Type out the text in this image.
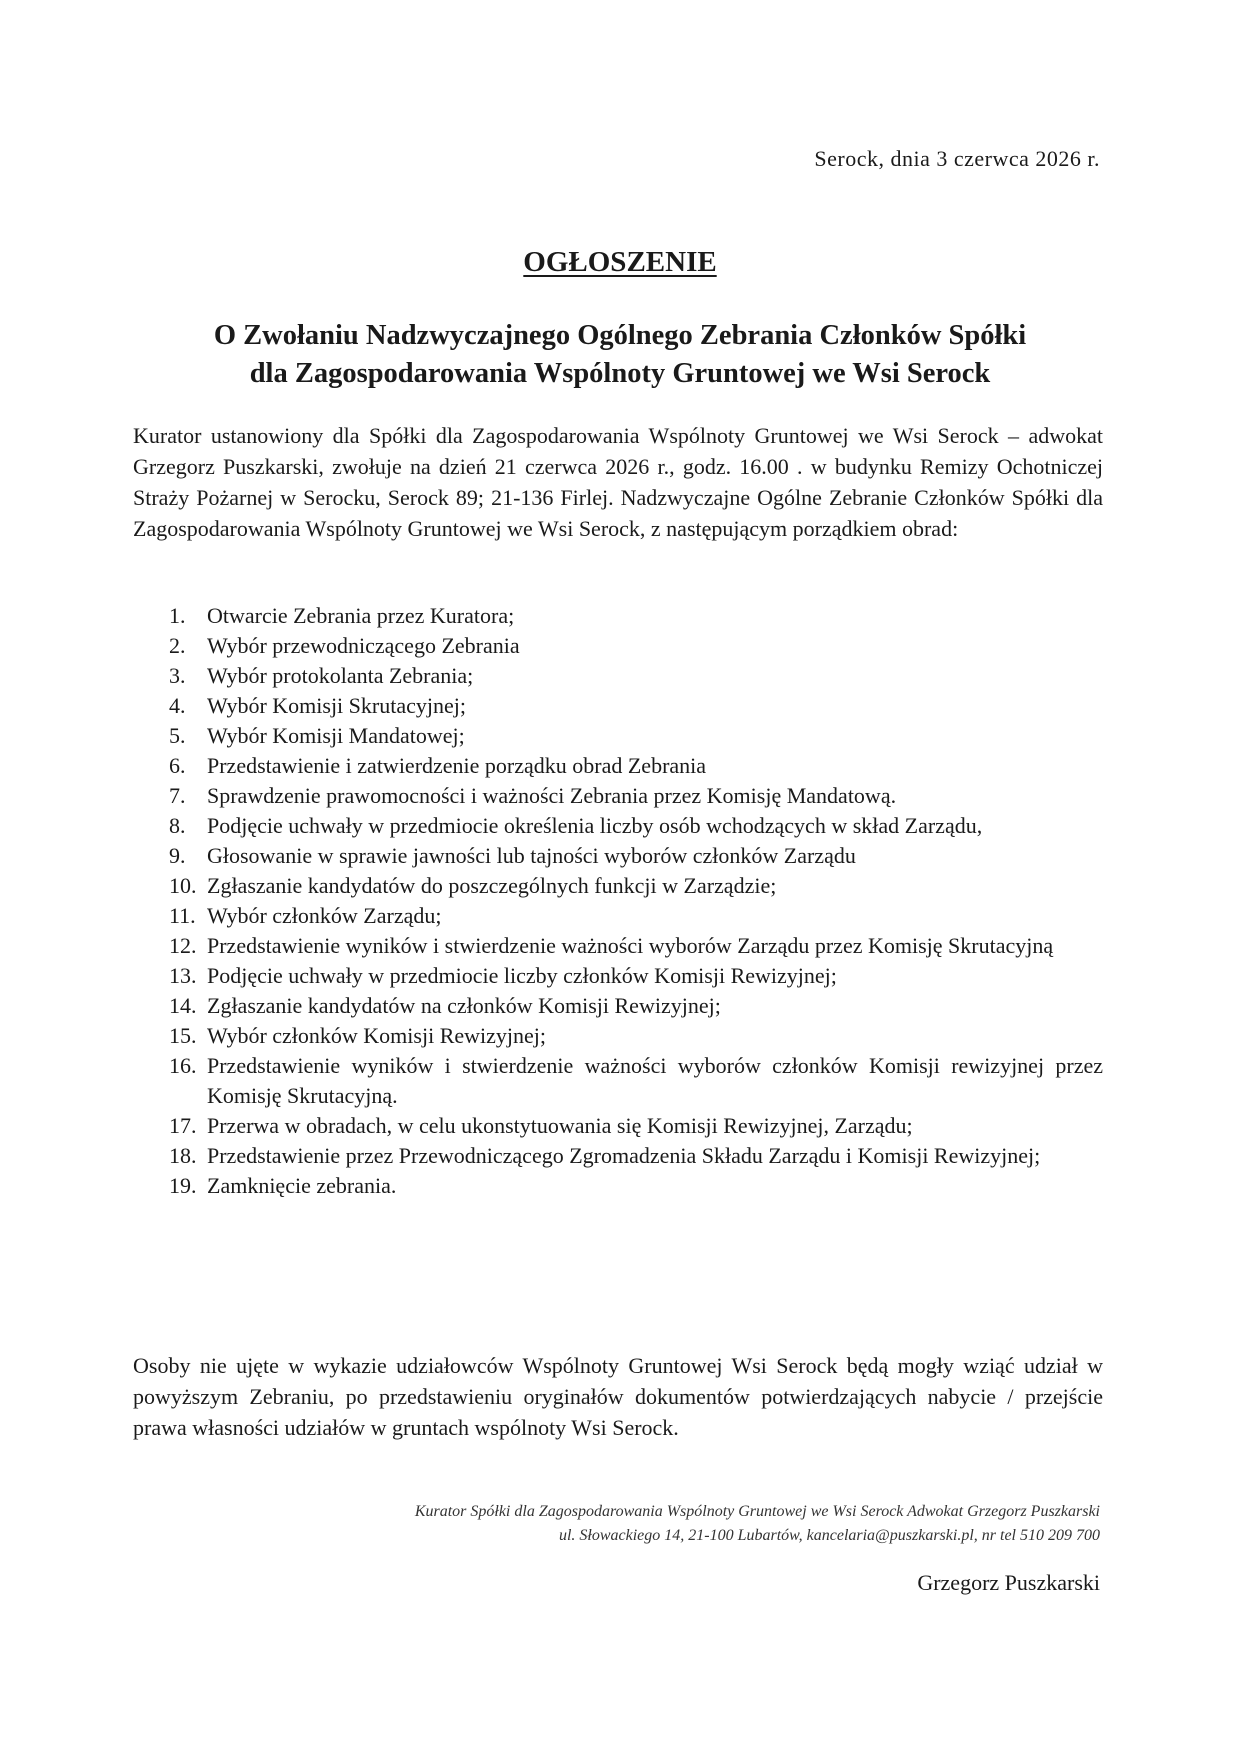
Serock, dnia 3 czerwca 2026 r.
OGŁOSZENIE
O Zwołaniu Nadzwyczajnego Ogólnego Zebrania Członków Spółki
dla Zagospodarowania Wspólnoty Gruntowej we Wsi Serock
Kurator ustanowiony dla Spółki dla Zagospodarowania Wspólnoty Gruntowej we Wsi Serock – adwokat Grzegorz Puszkarski, zwołuje na dzień 21 czerwca 2026 r., godz. 16.00 . w budynku Remizy Ochotniczej Straży Pożarnej w Serocku, Serock 89; 21-136 Firlej. Nadzwyczajne Ogólne Zebranie Członków Spółki dla Zagospodarowania Wspólnoty Gruntowej we Wsi Serock, z następującym porządkiem obrad:
1. Otwarcie Zebrania przez Kuratora;
2. Wybór przewodniczącego Zebrania
3. Wybór protokolanta Zebrania;
4. Wybór Komisji Skrutacyjnej;
5. Wybór Komisji Mandatowej;
6. Przedstawienie i zatwierdzenie porządku obrad Zebrania
7. Sprawdzenie prawomocności i ważności Zebrania przez Komisję Mandatową.
8. Podjęcie uchwały w przedmiocie określenia liczby osób wchodzących w skład Zarządu,
9. Głosowanie w sprawie jawności lub tajności wyborów członków Zarządu
10. Zgłaszanie kandydatów do poszczególnych funkcji w Zarządzie;
11. Wybór członków Zarządu;
12. Przedstawienie wyników i stwierdzenie ważności wyborów Zarządu przez Komisję Skrutacyjną
13. Podjęcie uchwały w przedmiocie liczby członków Komisji Rewizyjnej;
14. Zgłaszanie kandydatów na członków Komisji Rewizyjnej;
15. Wybór członków Komisji Rewizyjnej;
16. Przedstawienie wyników i stwierdzenie ważności wyborów członków Komisji rewizyjnej przez Komisję Skrutacyjną.
17. Przerwa w obradach, w celu ukonstytuowania się Komisji Rewizyjnej, Zarządu;
18. Przedstawienie przez Przewodniczącego Zgromadzenia Składu Zarządu i Komisji Rewizyjnej;
19. Zamknięcie zebrania.
Osoby nie ujęte w wykazie udziałowców Wspólnoty Gruntowej Wsi Serock będą mogły wziąć udział w powyższym Zebraniu, po przedstawieniu oryginałów dokumentów potwierdzających nabycie / przejście prawa własności udziałów w gruntach wspólnoty Wsi Serock.
Kurator Spółki dla Zagospodarowania Wspólnoty Gruntowej we Wsi Serock Adwokat Grzegorz Puszkarski
ul. Słowackiego 14, 21-100 Lubartów, kancelaria@puszkarski.pl, nr tel 510 209 700
Grzegorz Puszkarski
